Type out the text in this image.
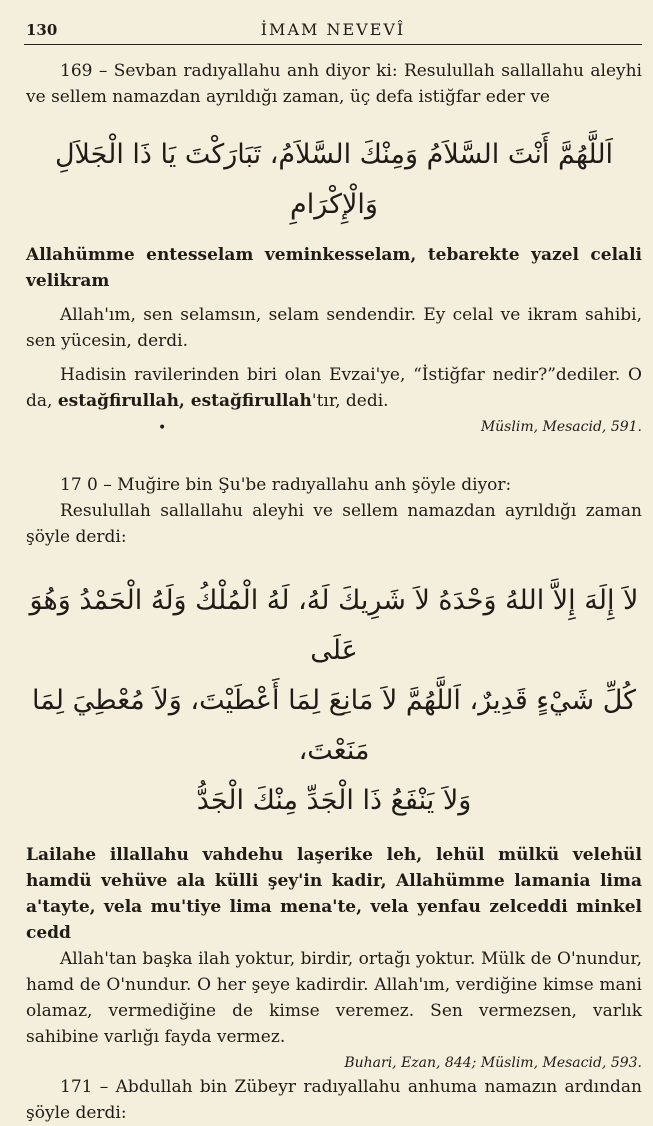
130	İMAM NEVEVÎ

169 – Sevban radıyallahu anh diyor ki: Resulullah sallallahu aleyhi ve sellem namazdan ayrıldığı zaman, üç defa istiğfar eder ve

اَللَّهُمَّ أَنْتَ السَّلاَمُ وَمِنْكَ السَّلاَمُ، تَبَارَكْتَ يَا ذَا الْجَلاَلِ وَالْإِكْرَامِ

Allahümme entesselam veminkesselam, tebarekte yazel celali velikram

Allah'ım, sen selamsın, selam sendendir. Ey celal ve ikram sahibi, sen yücesin, derdi.

Hadisin ravilerinden biri olan Evzai'ye, “İstiğfar nedir?”dediler. O da, estağfirullah, estağfirullah'tır, dedi.

Müslim, Mesacid, 591.

•

17 0 – Muğire bin Şu'be radıyallahu anh şöyle diyor:

Resulullah sallallahu aleyhi ve sellem namazdan ayrıldığı zaman şöyle derdi:

لاَ إِلَهَ إِلاَّ اللهُ وَحْدَهُ لاَ شَرِيكَ لَهُ، لَهُ الْمُلْكُ وَلَهُ الْحَمْدُ وَهُوَ عَلَى
كُلِّ شَيْءٍ قَدِيرٌ، اَللَّهُمَّ لاَ مَانِعَ لِمَا أَعْطَيْتَ، وَلاَ مُعْطِيَ لِمَا مَنَعْتَ،
وَلاَ يَنْفَعُ ذَا الْجَدِّ مِنْكَ الْجَدُّ

Lailahe illallahu vahdehu laşerike leh, lehül mülkü velehül hamdü vehüve ala külli şey'in kadir, Allahümme lamania lima a'tayte, vela mu'tiye lima mena'te, vela yenfau zelceddi minkel cedd

Allah'tan başka ilah yoktur, birdir, ortağı yoktur. Mülk de O'nundur, hamd de O'nundur. O her şeye kadirdir. Allah'ım, verdiğine kimse mani olamaz, vermediğine de kimse veremez. Sen vermezsen, varlık sahibine varlığı fayda vermez.

Buhari, Ezan, 844; Müslim, Mesacid, 593.

171 – Abdullah bin Zübeyr radıyallahu anhuma namazın ardından şöyle derdi:
